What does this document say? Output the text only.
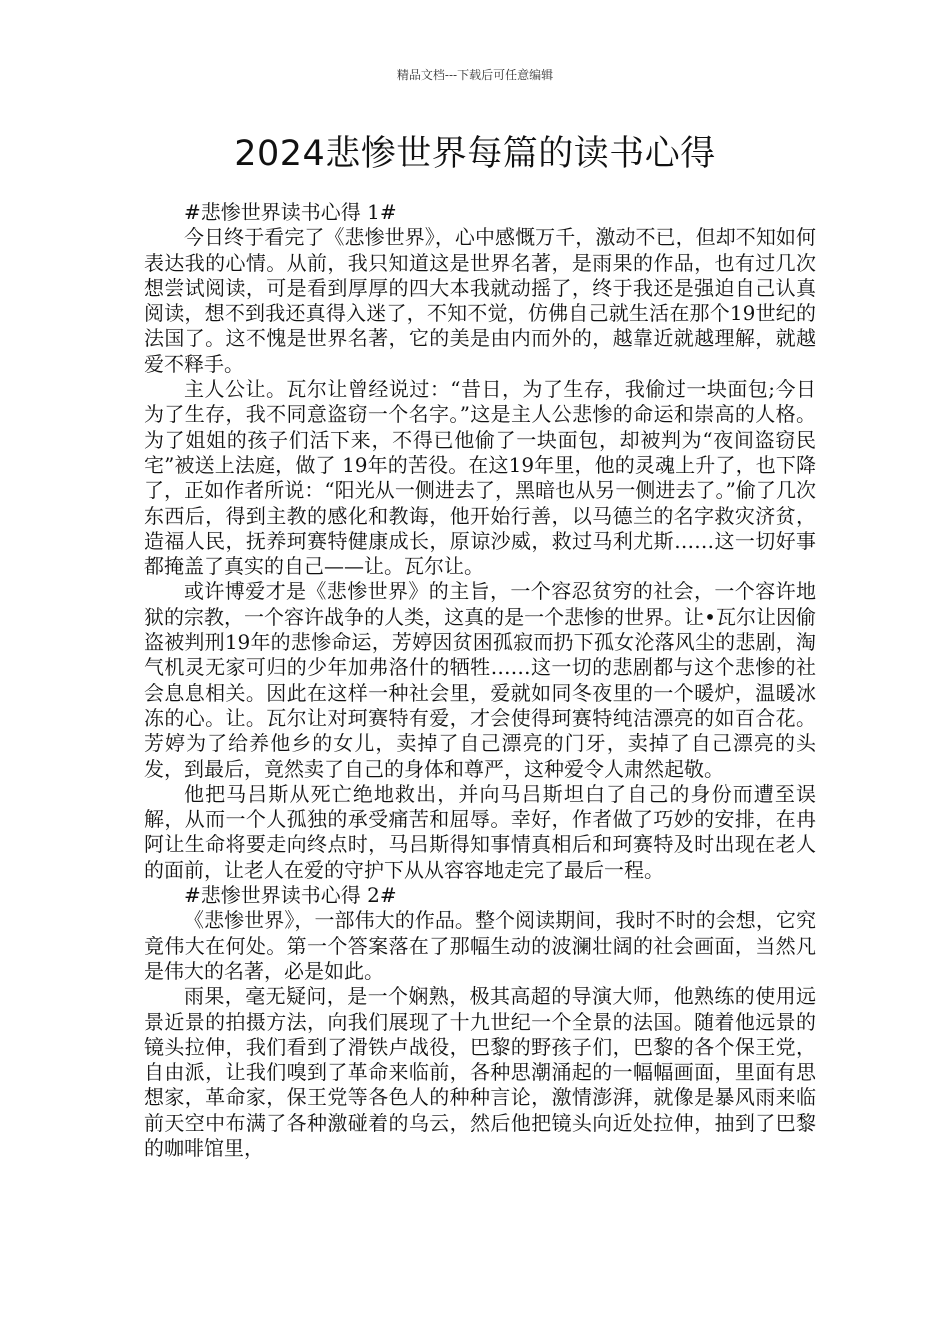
精品文档---下载后可任意编辑
2024悲惨世界每篇的读书心得

#悲惨世界读书心得 1#

今日终于看完了《悲惨世界》，心中感慨万千，激动不已，但却不知如何表达我的心情。从前，我只知道这是世界名著，是雨果的作品，也有过几次想尝试阅读，可是看到厚厚的四大本我就动摇了，终于我还是强迫自己认真阅读，想不到我还真得入迷了，不知不觉，仿佛自己就生活在那个19世纪的法国了。这不愧是世界名著，它的美是由内而外的，越靠近就越理解，就越爱不释手。

主人公让。瓦尔让曾经说过：“昔日，为了生存，我偷过一块面包;今日为了生存，我不同意盗窃一个名字。”这是主人公悲惨的命运和崇高的人格。为了姐姐的孩子们活下来，不得已他偷了一块面包，却被判为“夜间盗窃民宅”被送上法庭，做了 19年的苦役。在这19年里，他的灵魂上升了，也下降了，正如作者所说：“阳光从一侧进去了，黑暗也从另一侧进去了。”偷了几次东西后，得到主教的感化和教诲，他开始行善，以马德兰的名字救灾济贫，造福人民，抚养珂赛特健康成长，原谅沙威，救过马利尤斯……这一切好事都掩盖了真实的自己——让。瓦尔让。

或许博爱才是《悲惨世界》的主旨，一个容忍贫穷的社会，一个容许地狱的宗教，一个容许战争的人类，这真的是一个悲惨的世界。让•瓦尔让因偷盗被判刑19年的悲惨命运，芳婷因贫困孤寂而扔下孤女沦落风尘的悲剧，淘气机灵无家可归的少年加弗洛什的牺牲……这一切的悲剧都与这个悲惨的社会息息相关。因此在这样一种社会里，爱就如同冬夜里的一个暖炉，温暖冰冻的心。让。瓦尔让对珂赛特有爱，才会使得珂赛特纯洁漂亮的如百合花。芳婷为了给养他乡的女儿，卖掉了自己漂亮的门牙，卖掉了自己漂亮的头发，到最后，竟然卖了自己的身体和尊严，这种爱令人肃然起敬。

他把马吕斯从死亡绝地救出，并向马吕斯坦白了自己的身份而遭至误解，从而一个人孤独的承受痛苦和屈辱。幸好，作者做了巧妙的安排，在冉阿让生命将要走向终点时，马吕斯得知事情真相后和珂赛特及时出现在老人的面前，让老人在爱的守护下从从容容地走完了最后一程。

#悲惨世界读书心得 2#

《悲惨世界》，一部伟大的作品。整个阅读期间，我时不时的会想，它究竟伟大在何处。第一个答案落在了那幅生动的波澜壮阔的社会画面，当然凡是伟大的名著，必是如此。

雨果，毫无疑问，是一个娴熟，极其高超的导演大师，他熟练的使用远景近景的拍摄方法，向我们展现了十九世纪一个全景的法国。随着他远景的镜头拉伸，我们看到了滑铁卢战役，巴黎的野孩子们，巴黎的各个保王党，自由派，让我们嗅到了革命来临前，各种思潮涌起的一幅幅画面，里面有思想家，革命家，保王党等各色人的种种言论，激情澎湃，就像是暴风雨来临前天空中布满了各种激碰着的乌云，然后他把镜头向近处拉伸，抽到了巴黎的咖啡馆里，
